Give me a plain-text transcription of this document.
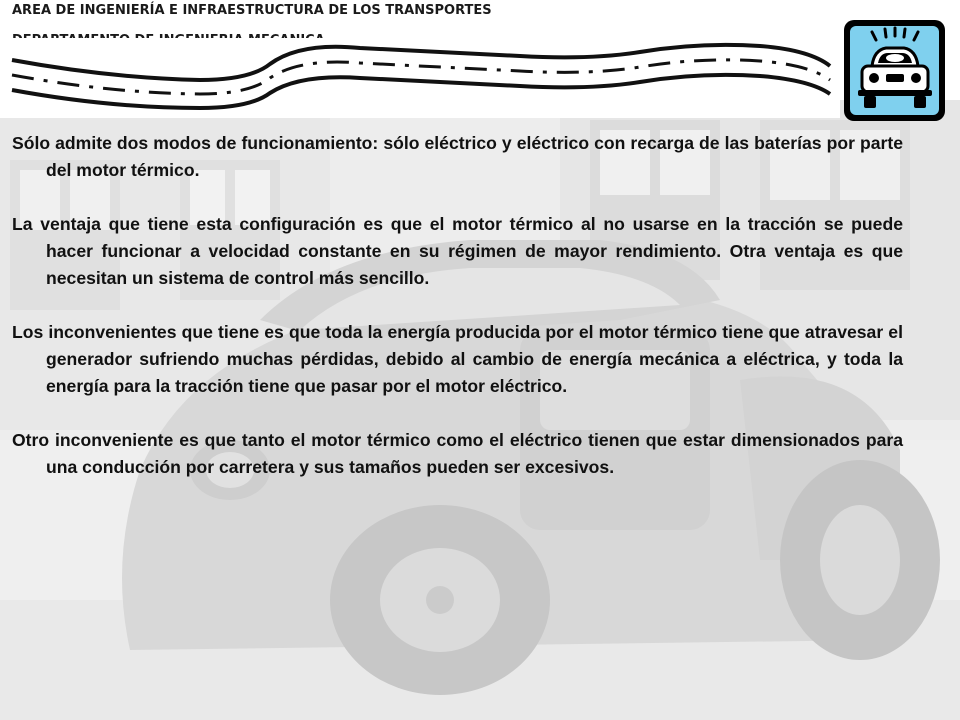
AREA DE INGENIERÍA E INFRAESTRUCTURA DE LOS TRANSPORTES
Sólo admite dos modos de funcionamiento: sólo eléctrico y eléctrico con recarga de las baterías por parte del motor térmico.
La ventaja que tiene esta configuración es que el motor térmico al no usarse en la tracción se puede hacer funcionar a velocidad constante en su régimen de mayor rendimiento. Otra ventaja es que necesitan un sistema de control más sencillo.
Los inconvenientes que tiene es que toda la energía producida por el motor térmico tiene que atravesar el generador sufriendo muchas pérdidas, debido al cambio de energía mecánica a eléctrica, y toda la energía para la tracción tiene que pasar por el motor eléctrico.
Otro inconveniente es que tanto el motor térmico como el eléctrico tienen que estar dimensionados para una conducción por carretera y sus tamaños pueden ser excesivos.
